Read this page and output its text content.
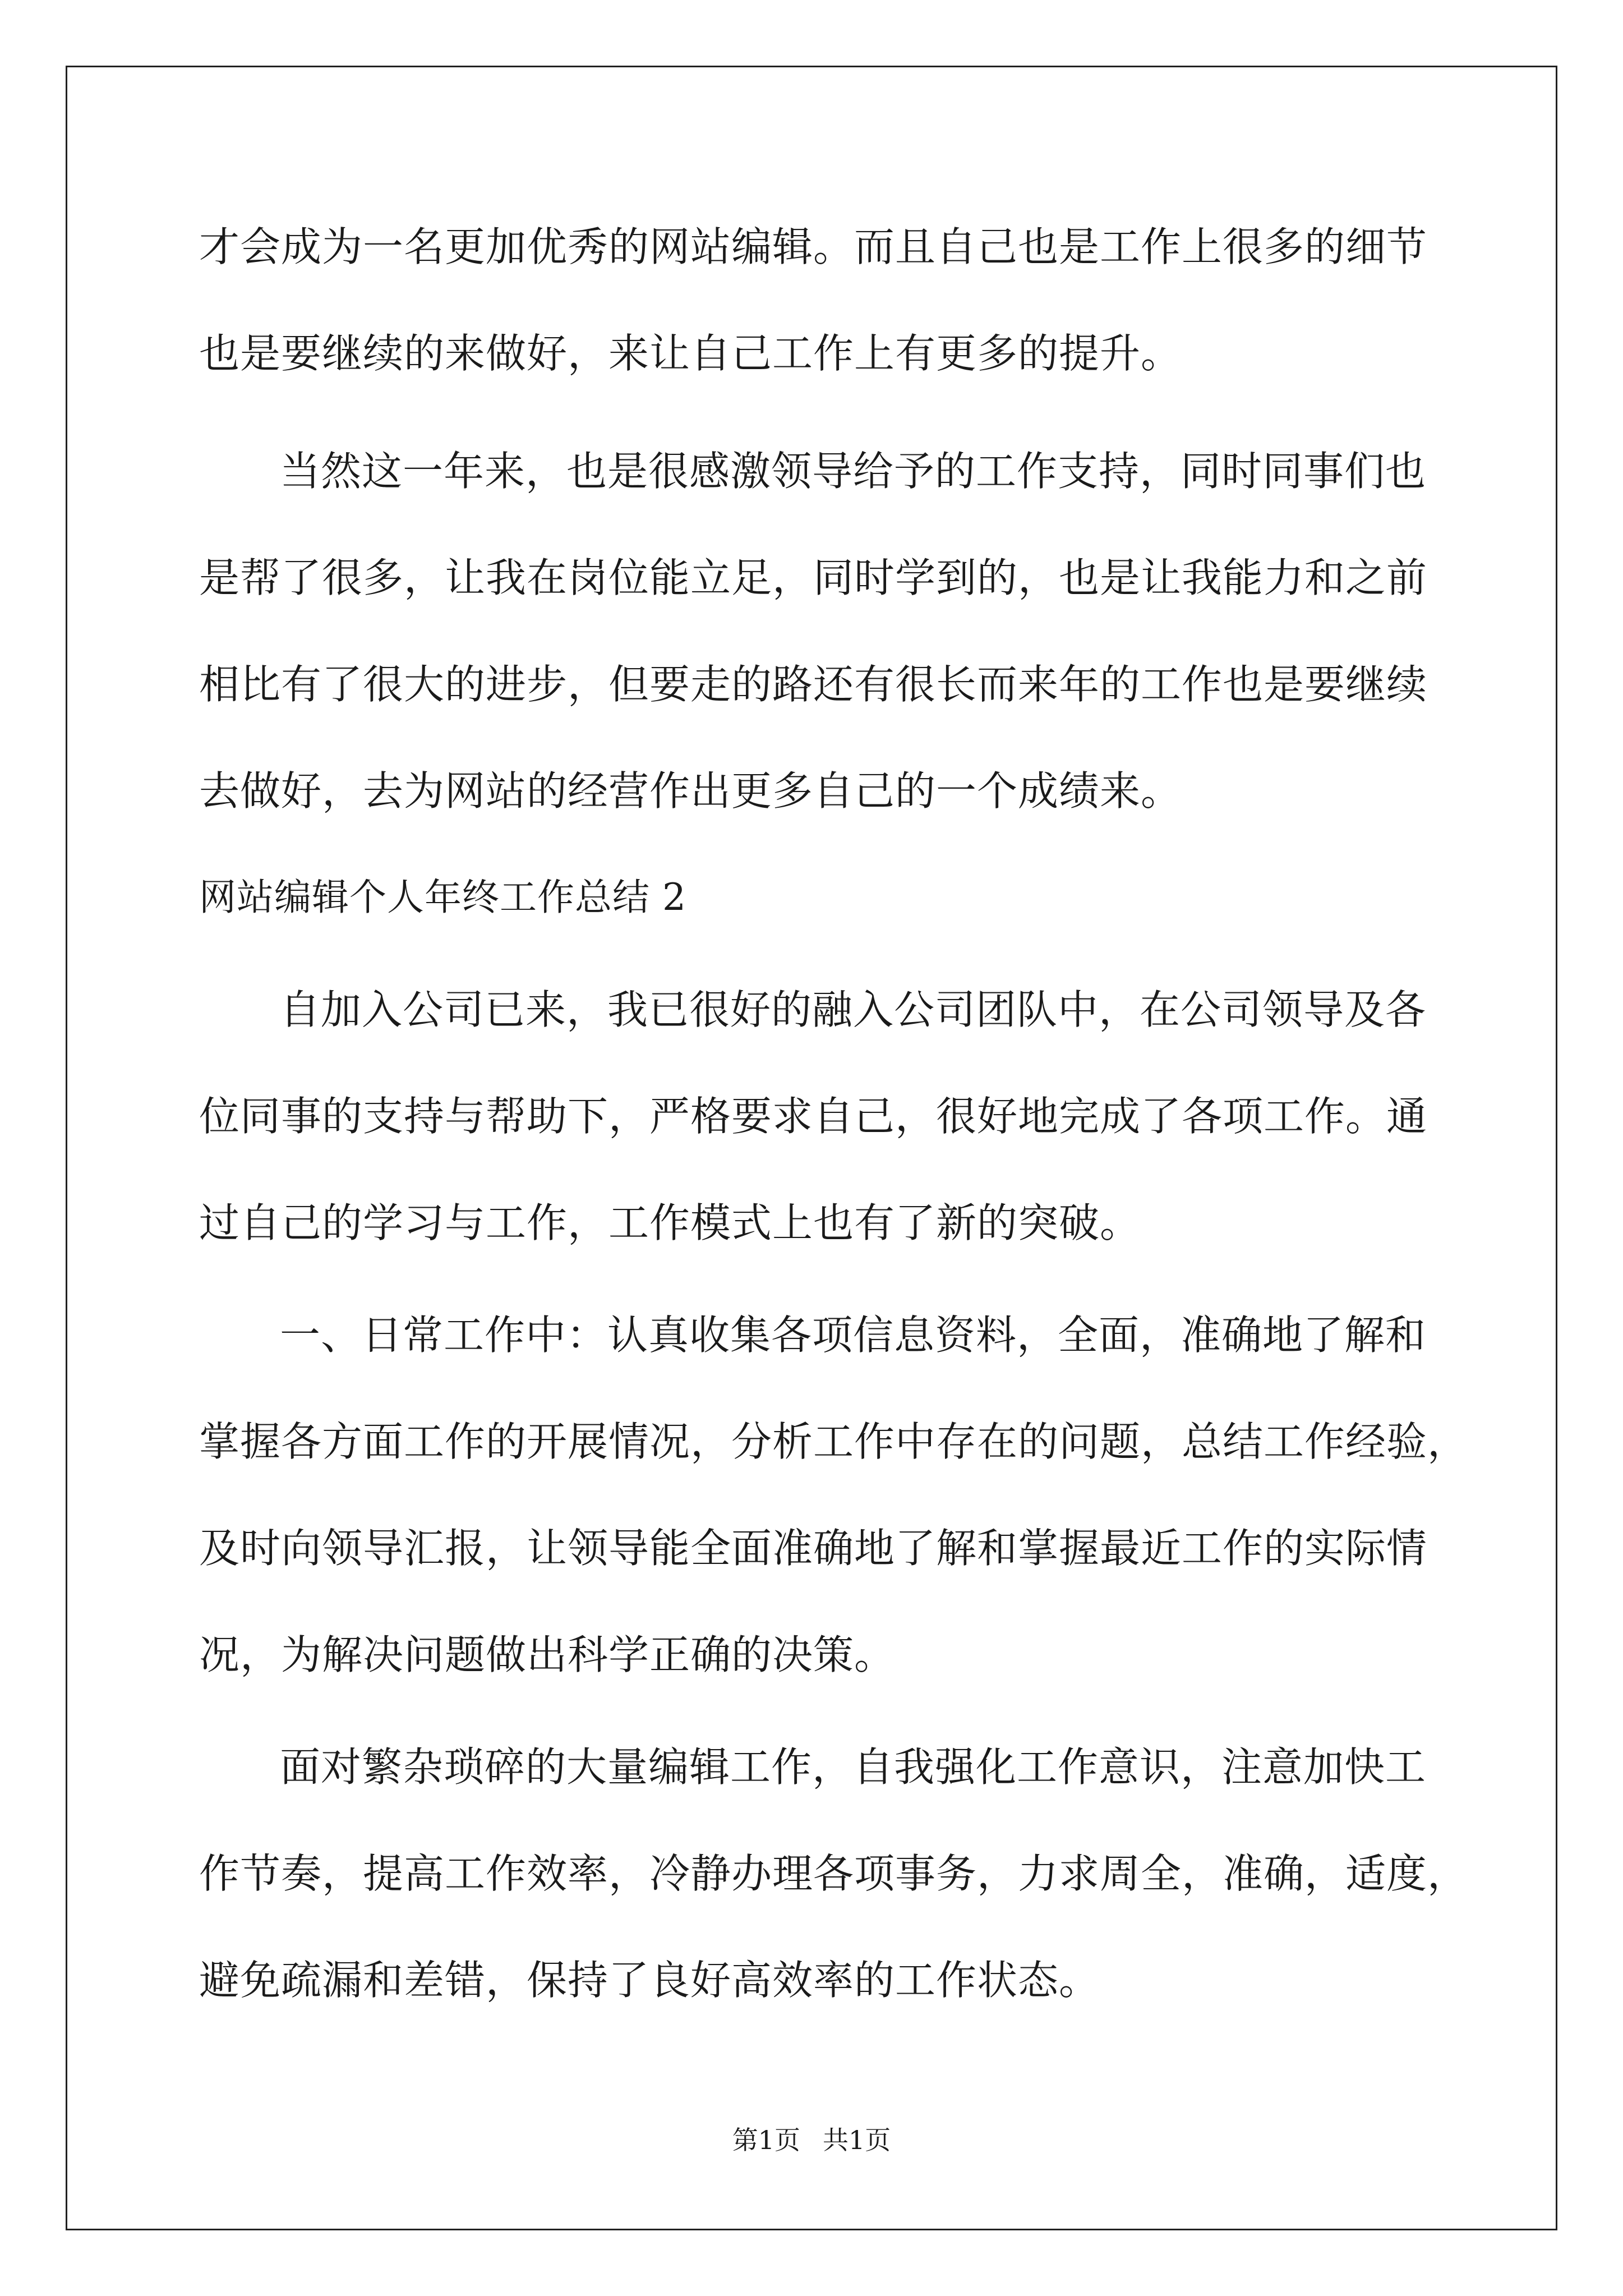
才会成为一名更加优秀的网站编辑。而且自己也是工作上很多的细节
也是要继续的来做好，来让自己工作上有更多的提升。
当然这一年来，也是很感激领导给予的工作支持，同时同事们也
是帮了很多，让我在岗位能立足，同时学到的，也是让我能力和之前
相比有了很大的进步，但要走的路还有很长而来年的工作也是要继续
去做好，去为网站的经营作出更多自己的一个成绩来。
网站编辑个人年终工作总结 2
自加入公司已来，我已很好的融入公司团队中，在公司领导及各
位同事的支持与帮助下，严格要求自己，很好地完成了各项工作。通
过自己的学习与工作，工作模式上也有了新的突破。
一、日常工作中：认真收集各项信息资料，全面，准确地了解和
掌握各方面工作的开展情况，分析工作中存在的问题，总结工作经验，
及时向领导汇报，让领导能全面准确地了解和掌握最近工作的实际情
况，为解决问题做出科学正确的决策。
面对繁杂琐碎的大量编辑工作，自我强化工作意识，注意加快工
作节奏，提高工作效率，冷静办理各项事务，力求周全，准确，适度，
避免疏漏和差错，保持了良好高效率的工作状态。
第1页 共1页
